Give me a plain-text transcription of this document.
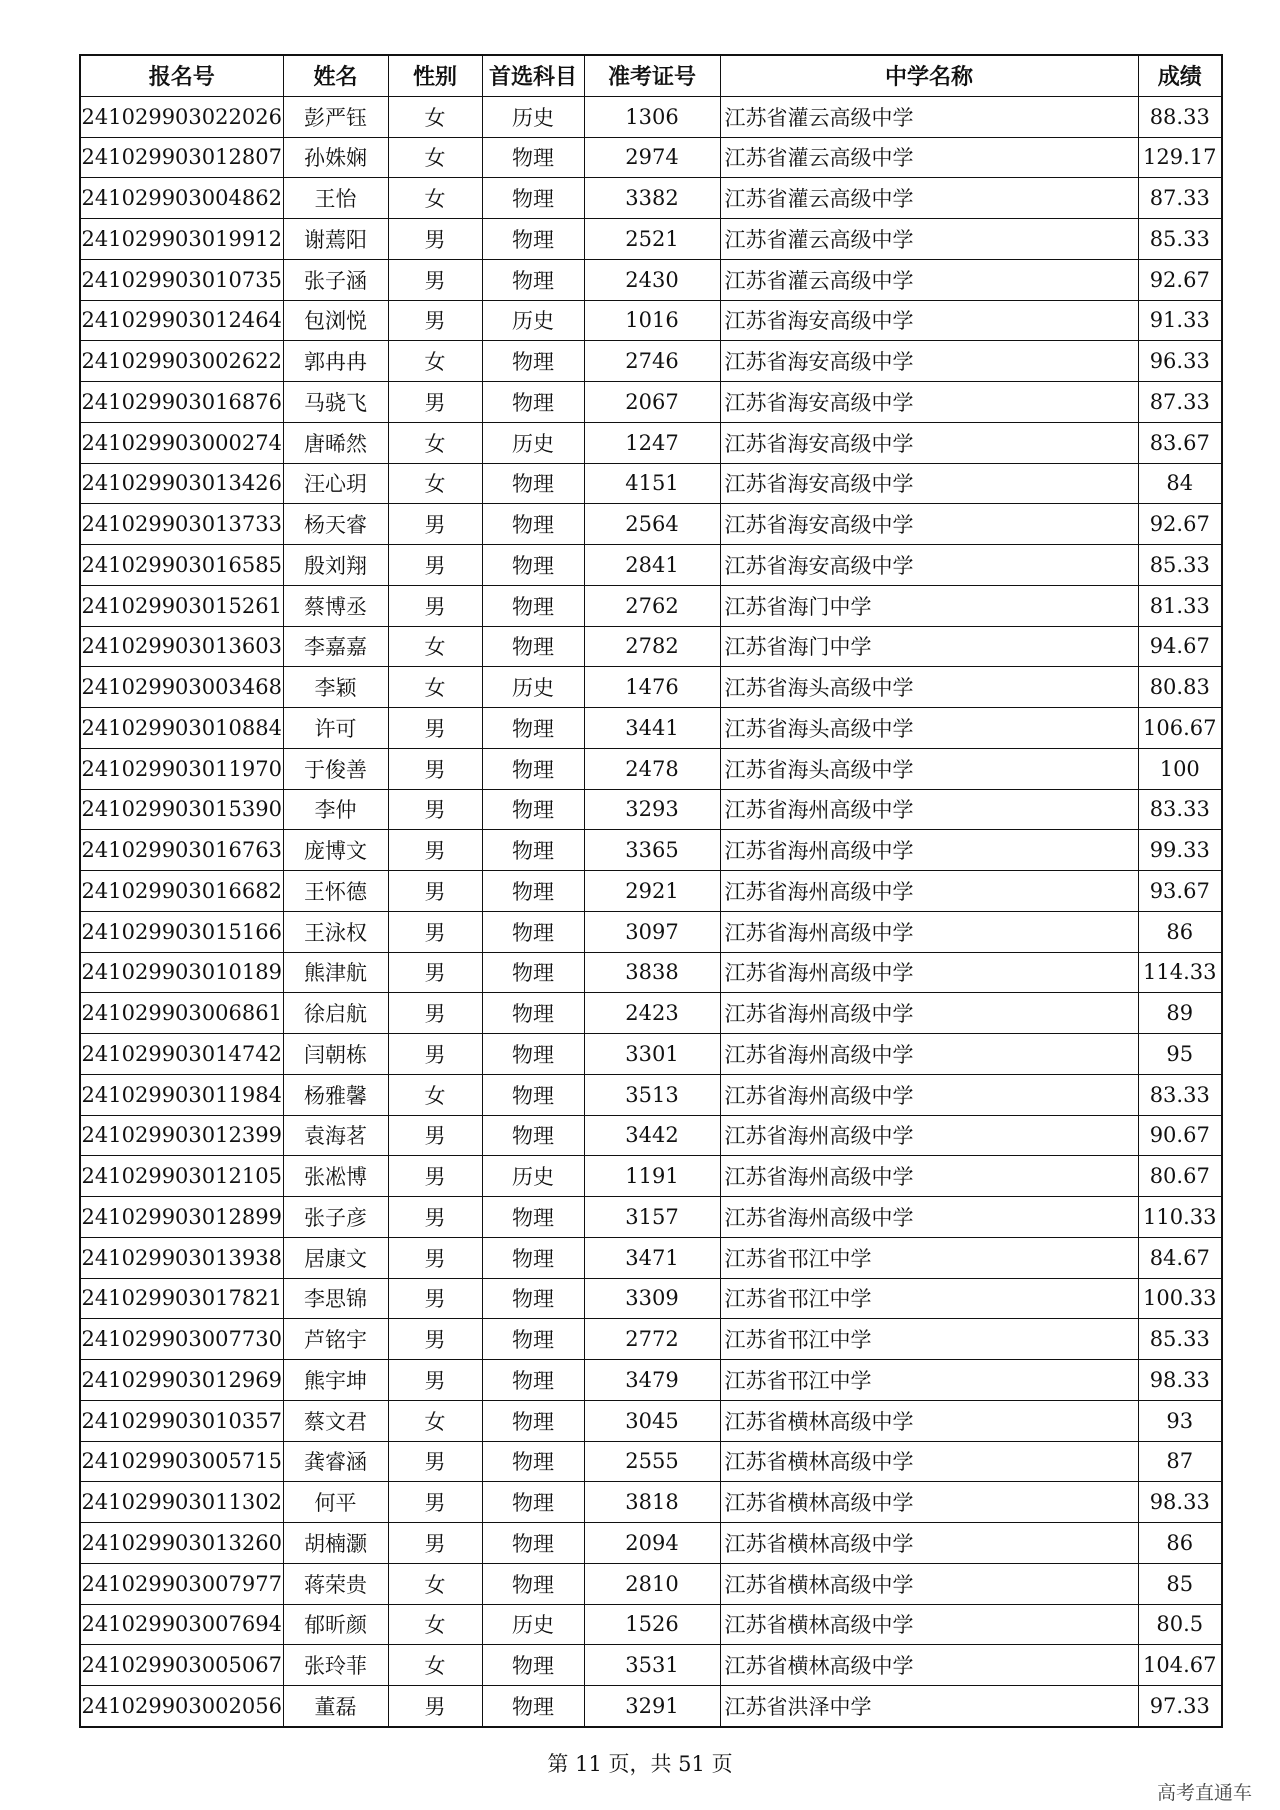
报名号	姓名	性别	首选科目	准考证号	中学名称	成绩
241029903022026	彭严钰	女	历史	1306	江苏省灌云高级中学	88.33
241029903012807	孙姝娴	女	物理	2974	江苏省灌云高级中学	129.17
241029903004862	王怡	女	物理	3382	江苏省灌云高级中学	87.33
241029903019912	谢蔫阳	男	物理	2521	江苏省灌云高级中学	85.33
241029903010735	张子涵	男	物理	2430	江苏省灌云高级中学	92.67
241029903012464	包浏悦	男	历史	1016	江苏省海安高级中学	91.33
241029903002622	郭冉冉	女	物理	2746	江苏省海安高级中学	96.33
241029903016876	马骁飞	男	物理	2067	江苏省海安高级中学	87.33
241029903000274	唐晞然	女	历史	1247	江苏省海安高级中学	83.67
241029903013426	汪心玥	女	物理	4151	江苏省海安高级中学	84
241029903013733	杨天睿	男	物理	2564	江苏省海安高级中学	92.67
241029903016585	殷刘翔	男	物理	2841	江苏省海安高级中学	85.33
241029903015261	蔡博丞	男	物理	2762	江苏省海门中学	81.33
241029903013603	李嘉嘉	女	物理	2782	江苏省海门中学	94.67
241029903003468	李颖	女	历史	1476	江苏省海头高级中学	80.83
241029903010884	许可	男	物理	3441	江苏省海头高级中学	106.67
241029903011970	于俊善	男	物理	2478	江苏省海头高级中学	100
241029903015390	李仲	男	物理	3293	江苏省海州高级中学	83.33
241029903016763	庞博文	男	物理	3365	江苏省海州高级中学	99.33
241029903016682	王怀德	男	物理	2921	江苏省海州高级中学	93.67
241029903015166	王泳权	男	物理	3097	江苏省海州高级中学	86
241029903010189	熊津航	男	物理	3838	江苏省海州高级中学	114.33
241029903006861	徐启航	男	物理	2423	江苏省海州高级中学	89
241029903014742	闫朝栋	男	物理	3301	江苏省海州高级中学	95
241029903011984	杨雅馨	女	物理	3513	江苏省海州高级中学	83.33
241029903012399	袁海茗	男	物理	3442	江苏省海州高级中学	90.67
241029903012105	张凇博	男	历史	1191	江苏省海州高级中学	80.67
241029903012899	张子彦	男	物理	3157	江苏省海州高级中学	110.33
241029903013938	居康文	男	物理	3471	江苏省邗江中学	84.67
241029903017821	李思锦	男	物理	3309	江苏省邗江中学	100.33
241029903007730	芦铭宇	男	物理	2772	江苏省邗江中学	85.33
241029903012969	熊宇坤	男	物理	3479	江苏省邗江中学	98.33
241029903010357	蔡文君	女	物理	3045	江苏省横林高级中学	93
241029903005715	龚睿涵	男	物理	2555	江苏省横林高级中学	87
241029903011302	何平	男	物理	3818	江苏省横林高级中学	98.33
241029903013260	胡楠灏	男	物理	2094	江苏省横林高级中学	86
241029903007977	蒋荣贵	女	物理	2810	江苏省横林高级中学	85
241029903007694	郁昕颜	女	历史	1526	江苏省横林高级中学	80.5
241029903005067	张玲菲	女	物理	3531	江苏省横林高级中学	104.67
241029903002056	董磊	男	物理	3291	江苏省洪泽中学	97.33
第 11 页，共 51 页
高考直通车
